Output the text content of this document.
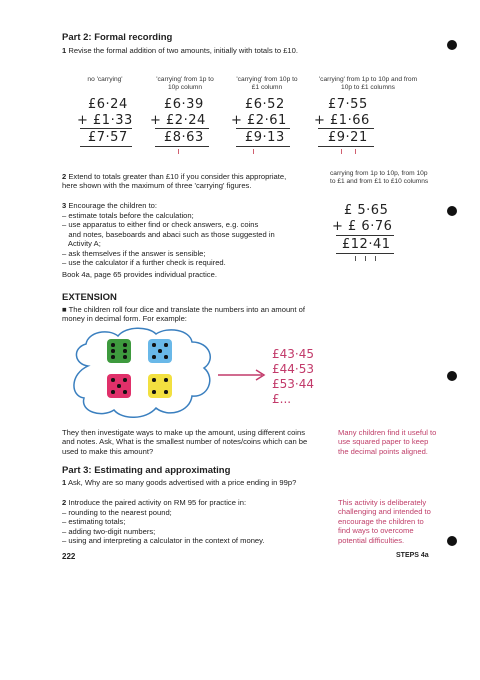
Part 2: Formal recording
1 Revise the formal addition of two amounts, initially with totals to £10.
no 'carrying'	'carrying' from 1p to 10p column
'carrying' from 10p to £1 column
'carrying' from 1p to 10p and from 10p to £1 columns
£6·24
+ £1·33
£7·57
£6·39
+ £2·24
£8·63
£6·52
+ £2·61
£9·13
£7·55
+ £1·66
£9·21
2 Extend to totals greater than £10 if you consider this appropriate, here shown with the maximum of three 'carrying' figures.
carrying from 1p to 10p, from 10p to £1 and from £1 to £10 columns
£ 5·65
+ £ 6·76
£12·41
3 Encourage the children to:
– estimate totals before the calculation;
– use apparatus to either find or check answers, e.g. coins
and notes, baseboards and abaci such as those suggested in
Activity A;
– ask themselves if the answer is sensible;
– use the calculator if a further check is required.
Book 4a, page 65 provides individual practice.
EXTENSION
■ The children roll four dice and translate the numbers into an amount of money in decimal form. For example:
£43·45
£44·53
£53·44
£...
They then investigate ways to make up the amount, using different coins and notes. Ask, What is the smallest number of notes/coins which can be used to make this amount?
Many children find it useful to use squared paper to keep the decimal points aligned.
Part 3: Estimating and approximating
1 Ask, Why are so many goods advertised with a price ending in 99p?
2 Introduce the paired activity on RM 95 for practice in:
– rounding to the nearest pound;
– estimating totals;
– adding two-digit numbers;
– using and interpreting a calculator in the context of money.
This activity is deliberately challenging and intended to encourage the children to find ways to overcome potential difficulties.
222	STEPS 4a
